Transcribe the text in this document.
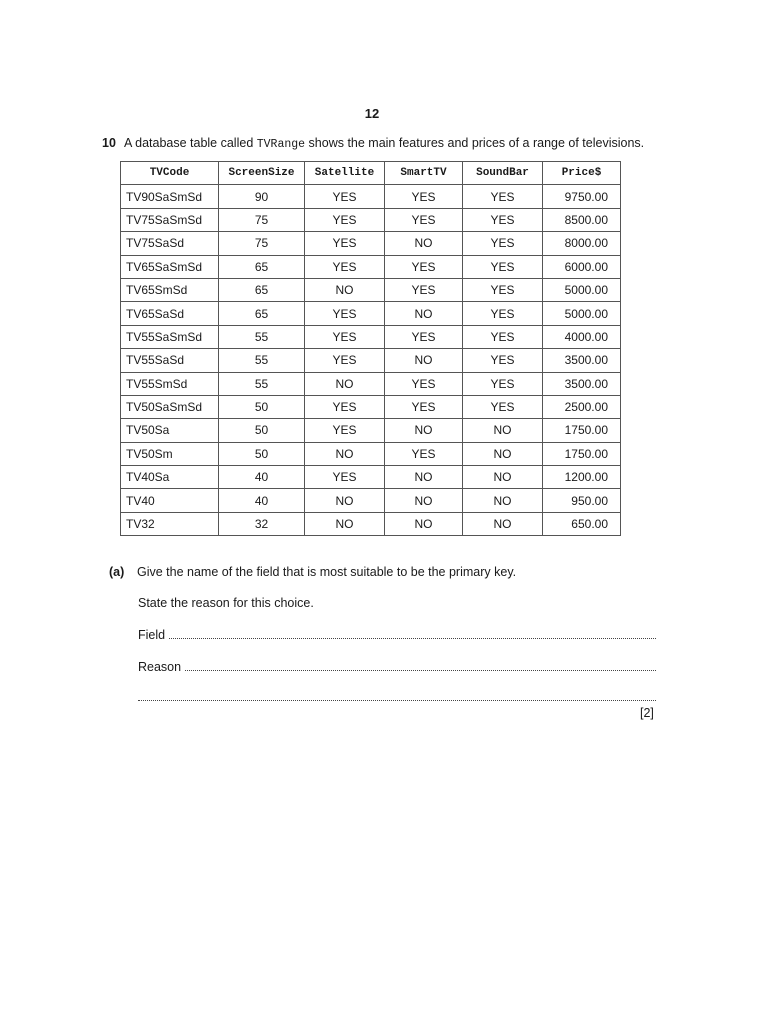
12
10 A database table called TVRange shows the main features and prices of a range of televisions.
TVCode	ScreenSize	Satellite	SmartTV	SoundBar	Price$
TV90SaSmSd	90	YES	YES	YES	9750.00
TV75SaSmSd	75	YES	YES	YES	8500.00
TV75SaSd	75	YES	NO	YES	8000.00
TV65SaSmSd	65	YES	YES	YES	6000.00
TV65SmSd	65	NO	YES	YES	5000.00
TV65SaSd	65	YES	NO	YES	5000.00
TV55SaSmSd	55	YES	YES	YES	4000.00
TV55SaSd	55	YES	NO	YES	3500.00
TV55SmSd	55	NO	YES	YES	3500.00
TV50SaSmSd	50	YES	YES	YES	2500.00
TV50Sa	50	YES	NO	NO	1750.00
TV50Sm	50	NO	YES	NO	1750.00
TV40Sa	40	YES	NO	NO	1200.00
TV40	40	NO	NO	NO	950.00
TV32	32	NO	NO	NO	650.00
(a) Give the name of the field that is most suitable to be the primary key.
State the reason for this choice.
Field
Reason
[2]
